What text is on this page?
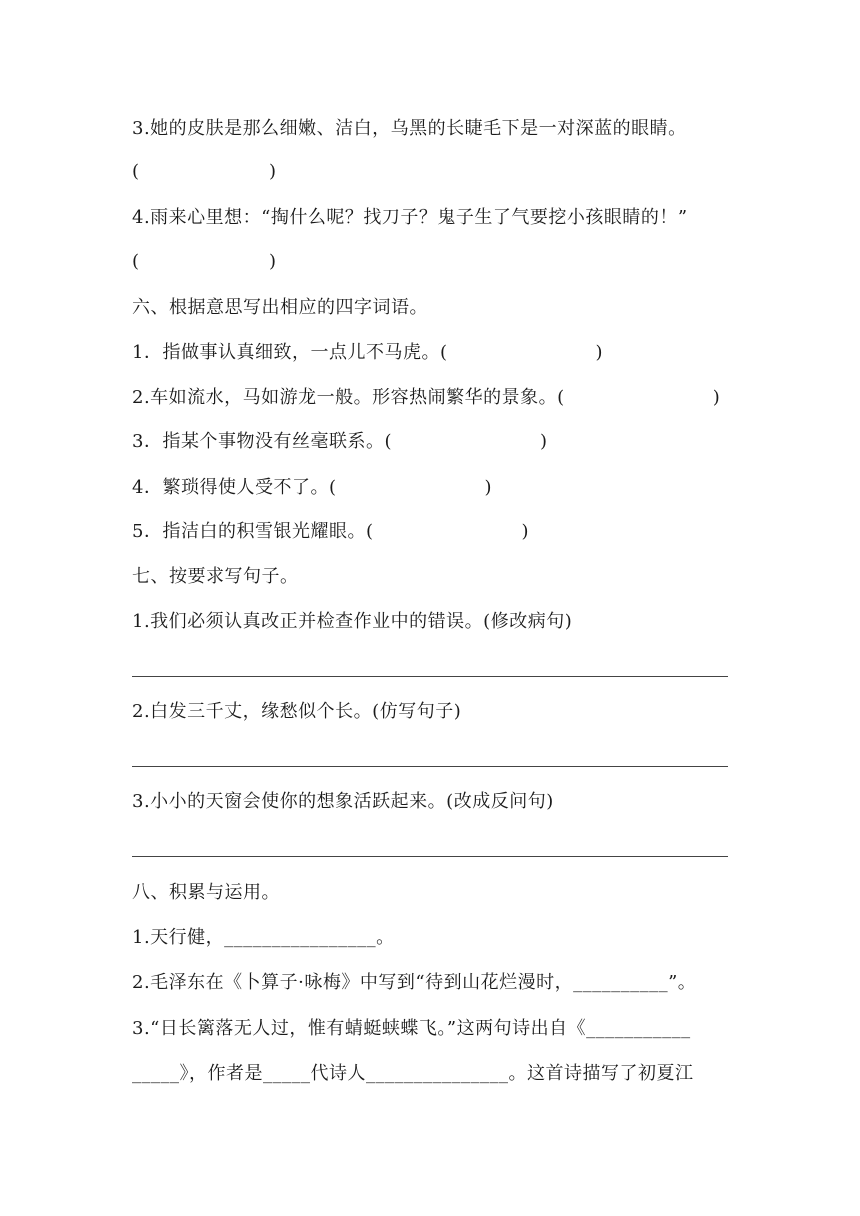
3.她的皮肤是那么细嫩、洁白，乌黑的长睫毛下是一对深蓝的眼睛。
(　　　　　　　)
4.雨来心里想：“掏什么呢？找刀子？鬼子生了气要挖小孩眼睛的！”
(　　　　　　　)
六、根据意思写出相应的四字词语。
1．指做事认真细致，一点儿不马虎。(　　　　　　　　)
2.车如流水，马如游龙一般。形容热闹繁华的景象。(　　　　　　　　)
3．指某个事物没有丝毫联系。(　　　　　　　　)
4．繁琐得使人受不了。(　　　　　　　　)
5．指洁白的积雪银光耀眼。(　　　　　　　　)
七、按要求写句子。
1.我们必须认真改正并检查作业中的错误。(修改病句)
2.白发三千丈，缘愁似个长。(仿写句子)
3.小小的天窗会使你的想象活跃起来。(改成反问句)
八、积累与运用。
1.天行健，________________。
2.毛泽东在《卜算子·咏梅》中写到“待到山花烂漫时，__________”。
3.“日长篱落无人过，惟有蜻蜓蛱蝶飞。”这两句诗出自《___________
_____》，作者是_____代诗人_______________。这首诗描写了初夏江
